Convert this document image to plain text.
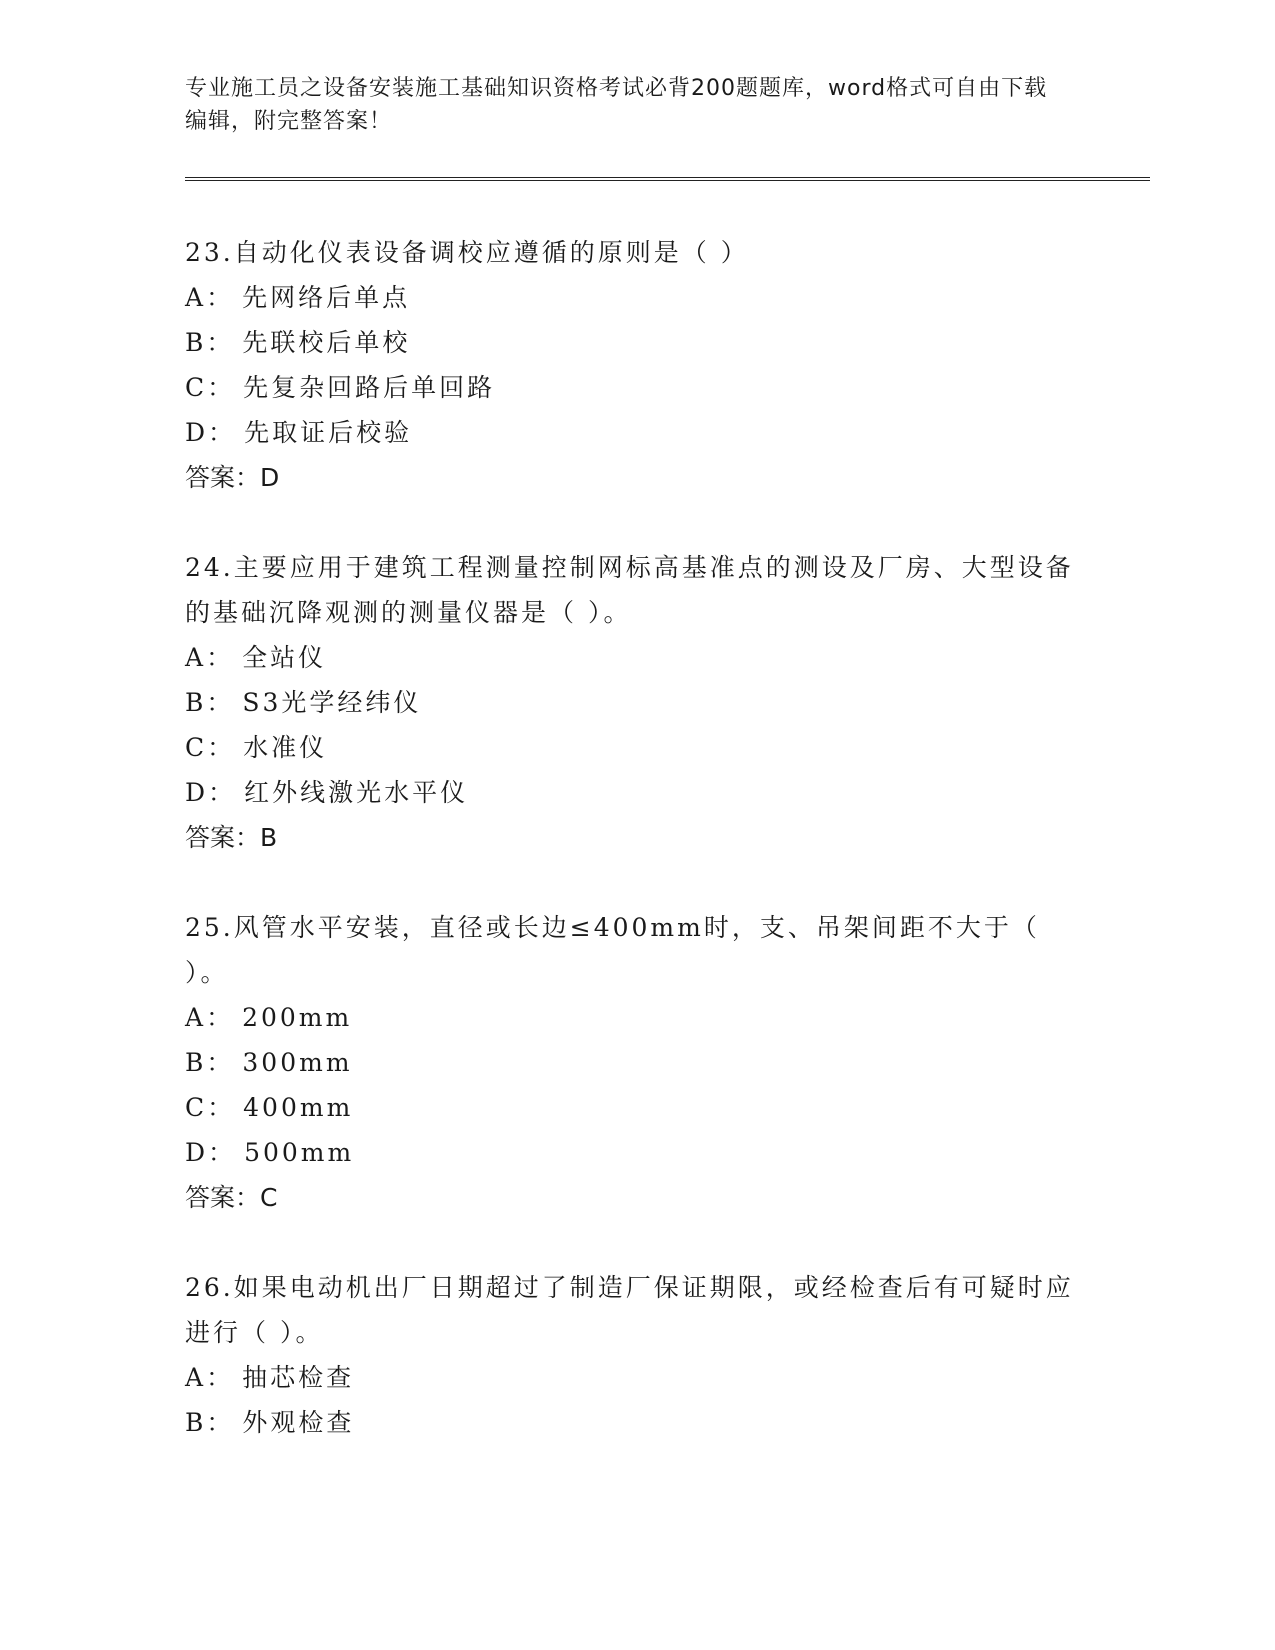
专业施工员之设备安装施工基础知识资格考试必背200题题库，word格式可自由下载编辑，附完整答案！

23.自动化仪表设备调校应遵循的原则是（ ）

A： 先网络后单点

B： 先联校后单校

C： 先复杂回路后单回路

D： 先取证后校验

答案：D

24.主要应用于建筑工程测量控制网标高基准点的测设及厂房、大型设备的基础沉降观测的测量仪器是（ ）。

A： 全站仪

B： S3光学经纬仪

C： 水准仪

D： 红外线激光水平仪

答案：B

25.风管水平安装，直径或长边≤400mm时，支、吊架间距不大于（ ）。

A： 200mm

B： 300mm

C： 400mm

D： 500mm

答案：C

26.如果电动机出厂日期超过了制造厂保证期限，或经检查后有可疑时应进行（ ）。

A： 抽芯检查

B： 外观检查
